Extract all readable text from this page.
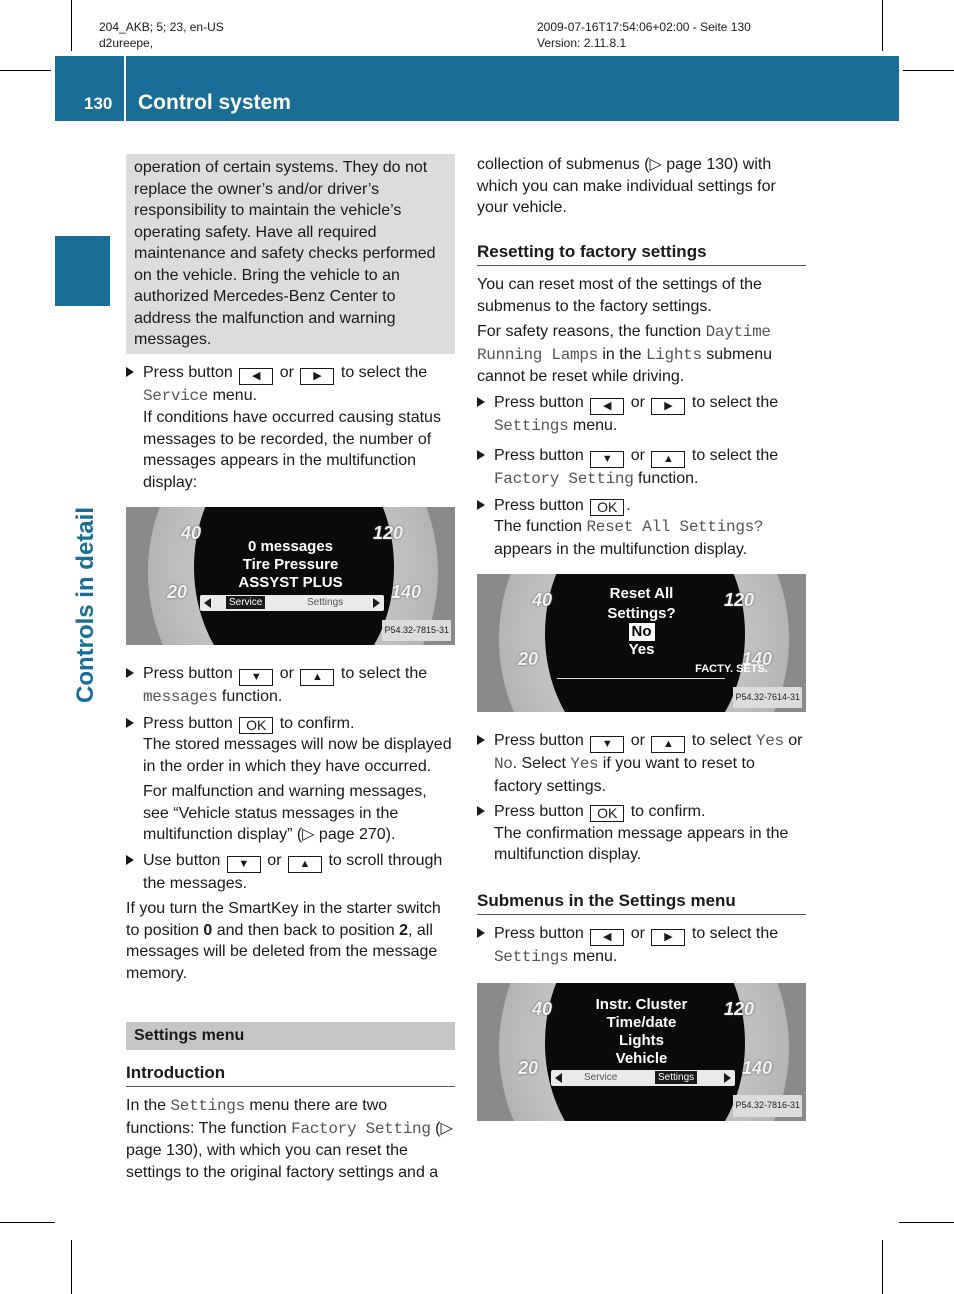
204_AKB; 5; 23, en-US
d2ureepe,
2009-07-16T17:54:06+02:00 - Seite 130
Version: 2.11.8.1
130 Control system
Controls in detail
operation of certain systems. They do not replace the owner’s and/or driver’s responsibility to maintain the vehicle’s operating safety. Have all required maintenance and safety checks performed on the vehicle. Bring the vehicle to an authorized Mercedes-Benz Center to address the malfunction and warning messages.
Press button ◀ or ▶ to select the Service menu.
If conditions have occurred causing status messages to be recorded, the number of messages appears in the multifunction display:
40	120
20	140
0 messages
Tire Pressure
ASSYST PLUS
Service	Settings
P54.32-7815-31
Press button ▼ or ▲ to select the messages function.
Press button OK to confirm.
The stored messages will now be displayed in the order in which they have occurred.
For malfunction and warning messages, see “Vehicle status messages in the multifunction display” (▷ page 270).
Use button ▼ or ▲ to scroll through the messages.
If you turn the SmartKey in the starter switch to position 0 and then back to position 2, all messages will be deleted from the message memory.
Settings menu
Introduction
In the Settings menu there are two functions: The function Factory Setting (▷ page 130), with which you can reset the settings to the original factory settings and a
collection of submenus (▷ page 130) with which you can make individual settings for your vehicle.
Resetting to factory settings
You can reset most of the settings of the submenus to the factory settings.
For safety reasons, the function Daytime Running Lamps in the Lights submenu cannot be reset while driving.
Press button ◀ or ▶ to select the Settings menu.
Press button ▼ or ▲ to select the Factory Setting function.
Press button OK .
The function Reset All Settings?
appears in the multifunction display.
40	120
20	140
Reset All
Settings?
No
Yes
FACTY. SETS.
P54.32-7614-31
Press button ▼ or ▲ to select Yes or No. Select Yes if you want to reset to factory settings.
Press button OK to confirm.
The confirmation message appears in the multifunction display.
Submenus in the Settings menu
Press button ◀ or ▶ to select the Settings menu.
40	120
20	140
Instr. Cluster
Time/date
Lights
Vehicle
Service	Settings
P54.32-7816-31
